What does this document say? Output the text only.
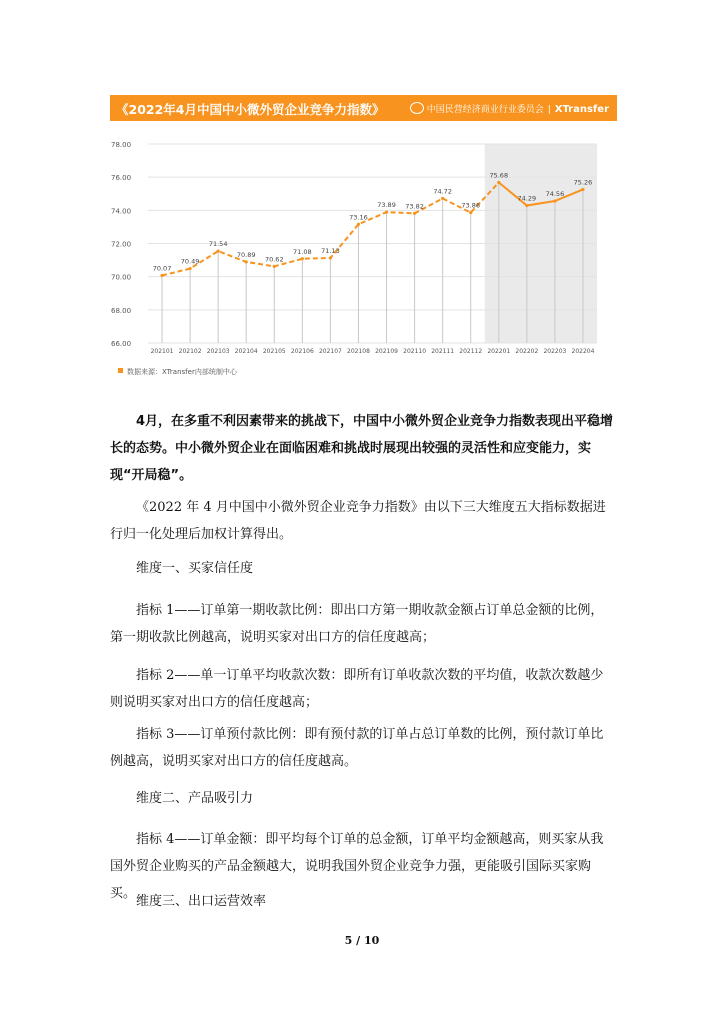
《2022年4月中国中小微外贸企业竞争力指数》	中国民营经济商业行业委员会 | XTransfer
78.00
76.00
74.00
72.00
70.00
68.00
66.00
202101 202102 202103 202104 202105 202106 202107 202108 202109 202110 202111 202112 202201 202202 202203 202204
70.07
70.49
71.54
70.89
70.62
71.08 71.13
73.16
73.89 73.82
74.72
73.86
75.68
74.29
74.56
75.26
数据来源：XTransfer内部统制中心
4月，在多重不利因素带来的挑战下，中国中小微外贸企业竞争力指数表现出平稳增长的态势。中小微外贸企业在面临困难和挑战时展现出较强的灵活性和应变能力，实现“开局稳”。
《2022 年 4 月中国中小微外贸企业竞争力指数》由以下三大维度五大指标数据进行归一化处理后加权计算得出。
维度一、买家信任度
指标 1——订单第一期收款比例：即出口方第一期收款金额占订单总金额的比例，第一期收款比例越高，说明买家对出口方的信任度越高；
指标 2——单一订单平均收款次数：即所有订单收款次数的平均值，收款次数越少则说明买家对出口方的信任度越高；
指标 3——订单预付款比例：即有预付款的订单占总订单数的比例，预付款订单比例越高，说明买家对出口方的信任度越高。
维度二、产品吸引力
指标 4——订单金额：即平均每个订单的总金额，订单平均金额越高，则买家从我国外贸企业购买的产品金额越大，说明我国外贸企业竞争力强，更能吸引国际买家购买。
维度三、出口运营效率
5 / 10
